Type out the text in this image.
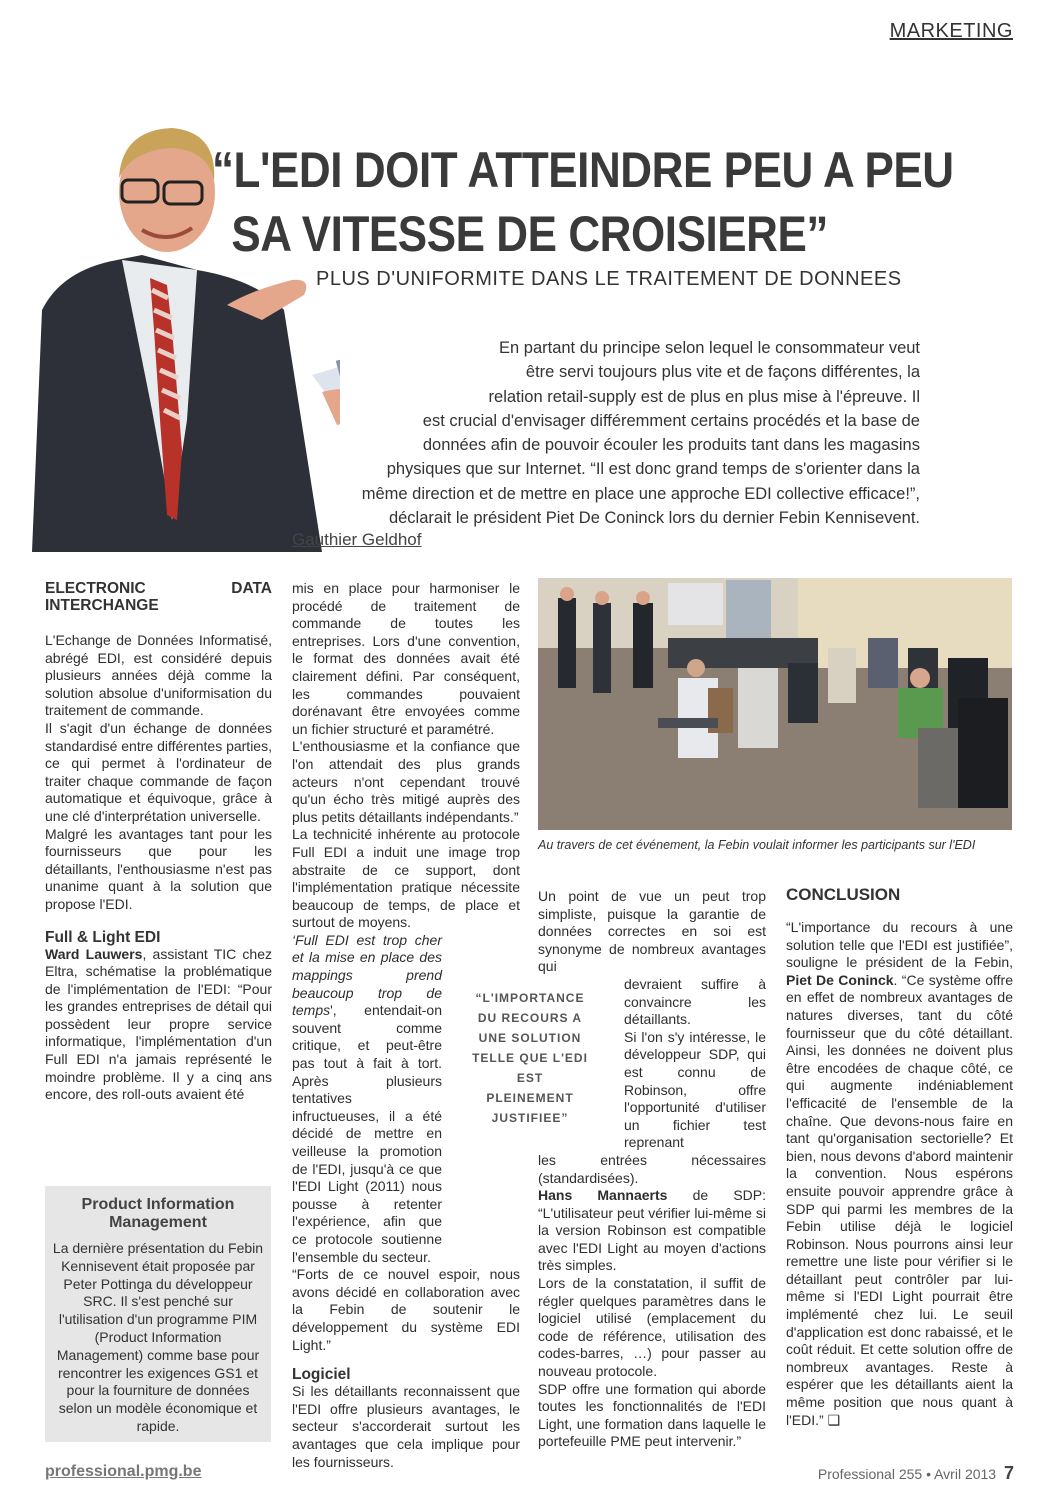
MARKETING
“L'EDI DOIT ATTEINDRE PEU A PEU
SA VITESSE DE CROISIERE”
PLUS D'UNIFORMITE DANS LE TRAITEMENT DE DONNEES
En partant du principe selon lequel le consommateur veut
être servi toujours plus vite et de façons différentes, la
relation retail-supply est de plus en plus mise à l'épreuve. Il
est crucial d'envisager différemment certains procédés et la base de
données afin de pouvoir écouler les produits tant dans les magasins
physiques que sur Internet. “Il est donc grand temps de s'orienter dans la
même direction et de mettre en place une approche EDI collective efficace!”,
déclarait le président Piet De Coninck lors du dernier Febin Kennisevent.
Gauthier Geldhof
ELECTRONIC DATA INTERCHANGE

L'Echange de Données Informatisé, abrégé EDI, est considéré depuis plusieurs années déjà comme la solution absolue d'uniformisation du traitement de commande.

Il s'agit d'un échange de données standardisé entre différentes parties, ce qui permet à l'ordinateur de traiter chaque commande de façon automatique et équivoque, grâce à une clé d'interprétation universelle.

Malgré les avantages tant pour les fournisseurs que pour les détaillants, l'enthousiasme n'est pas unanime quant à la solution que propose l'EDI.

Full & Light EDI

Ward Lauwers, assistant TIC chez Eltra, schématise la problématique de l'implémentation de l'EDI: “Pour les grandes entreprises de détail qui possèdent leur propre service informatique, l'implémentation d'un Full EDI n'a jamais représenté le moindre problème. Il y a cinq ans encore, des roll-outs avaient été

Product Information Management

La dernière présentation du Febin Kennisevent était proposée par Peter Pottinga du développeur SRC. Il s'est penché sur l'utilisation d'un programme PIM (Product Information Management) comme base pour rencontrer les exigences GS1 et pour la fourniture de données selon un modèle économique et rapide.

mis en place pour harmoniser le procédé de traitement de commande de toutes les entreprises. Lors d'une convention, le format des données avait été clairement défini. Par conséquent, les commandes pouvaient dorénavant être envoyées comme un fichier structuré et paramétré.

L'enthousiasme et la confiance que l'on attendait des plus grands acteurs n'ont cependant trouvé qu'un écho très mitigé auprès des plus petits détaillants indépendants.”

La technicité inhérente au protocole Full EDI a induit une image trop abstraite de ce support, dont l'implémentation pratique nécessite beaucoup de temps, de place et surtout de moyens.

‘Full EDI est trop cher et la mise en place des mappings prend beaucoup trop de temps', entendait-on souvent comme critique, et peut-être pas tout à fait à tort. Après plusieurs tentatives infructueuses, il a été décidé de mettre en veilleuse la promotion de l'EDI, jusqu'à ce que l'EDI Light (2011) nous pousse à retenter l'expérience, afin que ce protocole soutienne l'ensemble du secteur.

“Forts de ce nouvel espoir, nous avons décidé en collaboration avec la Febin de soutenir le développement du système EDI Light.”

Logiciel

Si les détaillants reconnaissent que l'EDI offre plusieurs avantages, le secteur s'accorderait surtout les avantages que cela implique pour les fournisseurs.

Au travers de cet événement, la Febin voulait informer les participants sur l'EDI

Un point de vue un peut trop simpliste, puisque la garantie de données correctes en soi est synonyme de nombreux avantages qui

devraient suffire à convaincre les détaillants.

Si l'on s'y intéresse, le développeur SDP, qui est connu de Robinson, offre l'opportunité d'utiliser un fichier test reprenant

les entrées nécessaires (standardisées).

Hans Mannaerts de SDP: “L'utilisateur peut vérifier lui-même si la version Robinson est compatible avec l'EDI Light au moyen d'actions très simples.

Lors de la constatation, il suffit de régler quelques paramètres dans le logiciel utilisé (emplacement du code de référence, utilisation des codes-barres, …) pour passer au nouveau protocole.

SDP offre une formation qui aborde toutes les fonctionnalités de l'EDI Light, une formation dans laquelle le portefeuille PME peut intervenir.”

“L'IMPORTANCE DU RECOURS A UNE SOLUTION TELLE QUE L'EDI EST PLEINEMENT JUSTIFIEE”
CONCLUSION

“L'importance du recours à une solution telle que l'EDI est justifiée”, souligne le président de la Febin, Piet De Coninck. “Ce système offre en effet de nombreux avantages de natures diverses, tant du côté fournisseur que du côté détaillant. Ainsi, les données ne doivent plus être encodées de chaque côté, ce qui augmente indéniablement l'efficacité de l'ensemble de la chaîne. Que devons-nous faire en tant qu'organisation sectorielle? Et bien, nous devons d'abord maintenir la convention. Nous espérons ensuite pouvoir apprendre grâce à SDP qui parmi les membres de la Febin utilise déjà le logiciel Robinson. Nous pourrons ainsi leur remettre une liste pour vérifier si le détaillant peut contrôler par lui-même si l'EDI Light pourrait être implémenté chez lui. Le seuil d'application est donc rabaissé, et le coût réduit. Et cette solution offre de nombreux avantages. Reste à espérer que les détaillants aient la même position que nous quant à l'EDI.” ❑

professional.pmg.be	Professional 255 • Avril 2013 7
